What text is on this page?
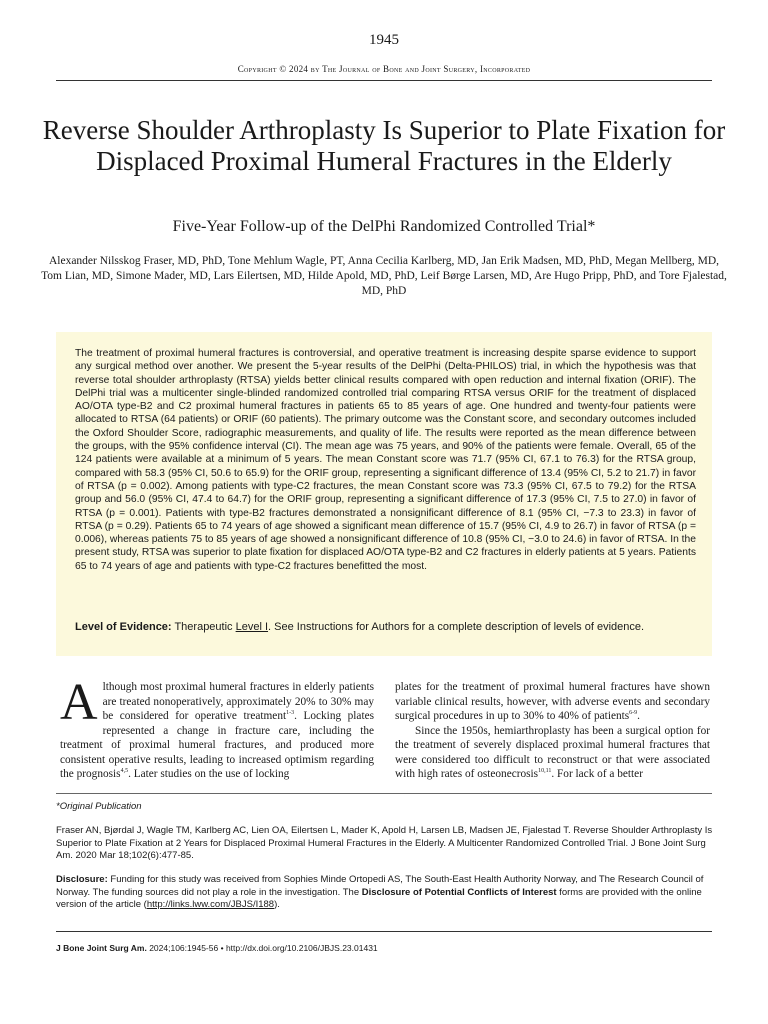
1945
Copyright © 2024 by The Journal of Bone and Joint Surgery, Incorporated
Reverse Shoulder Arthroplasty Is Superior to Plate Fixation for Displaced Proximal Humeral Fractures in the Elderly
Five-Year Follow-up of the DelPhi Randomized Controlled Trial*
Alexander Nilsskog Fraser, MD, PhD, Tone Mehlum Wagle, PT, Anna Cecilia Karlberg, MD, Jan Erik Madsen, MD, PhD, Megan Mellberg, MD, Tom Lian, MD, Simone Mader, MD, Lars Eilertsen, MD, Hilde Apold, MD, PhD, Leif Børge Larsen, MD, Are Hugo Pripp, PhD, and Tore Fjalestad, MD, PhD
The treatment of proximal humeral fractures is controversial, and operative treatment is increasing despite sparse evidence to support any surgical method over another. We present the 5-year results of the DelPhi (Delta-PHILOS) trial, in which the hypothesis was that reverse total shoulder arthroplasty (RTSA) yields better clinical results compared with open reduction and internal fixation (ORIF). The DelPhi trial was a multicenter single-blinded randomized controlled trial comparing RTSA versus ORIF for the treatment of displaced AO/OTA type-B2 and C2 proximal humeral fractures in patients 65 to 85 years of age. One hundred and twenty-four patients were allocated to RTSA (64 patients) or ORIF (60 patients). The primary outcome was the Constant score, and secondary outcomes included the Oxford Shoulder Score, radiographic measurements, and quality of life. The results were reported as the mean difference between the groups, with the 95% confidence interval (CI). The mean age was 75 years, and 90% of the patients were female. Overall, 65 of the 124 patients were available at a minimum of 5 years. The mean Constant score was 71.7 (95% CI, 67.1 to 76.3) for the RTSA group, compared with 58.3 (95% CI, 50.6 to 65.9) for the ORIF group, representing a significant difference of 13.4 (95% CI, 5.2 to 21.7) in favor of RTSA (p = 0.002). Among patients with type-C2 fractures, the mean Constant score was 73.3 (95% CI, 67.5 to 79.2) for the RTSA group and 56.0 (95% CI, 47.4 to 64.7) for the ORIF group, representing a significant difference of 17.3 (95% CI, 7.5 to 27.0) in favor of RTSA (p = 0.001). Patients with type-B2 fractures demonstrated a nonsignificant difference of 8.1 (95% CI, −7.3 to 23.3) in favor of RTSA (p = 0.29). Patients 65 to 74 years of age showed a significant mean difference of 15.7 (95% CI, 4.9 to 26.7) in favor of RTSA (p = 0.006), whereas patients 75 to 85 years of age showed a nonsignificant difference of 10.8 (95% CI, −3.0 to 24.6) in favor of RTSA. In the present study, RTSA was superior to plate fixation for displaced AO/OTA type-B2 and C2 fractures in elderly patients at 5 years. Patients 65 to 74 years of age and patients with type-C2 fractures benefitted the most.
Level of Evidence: Therapeutic Level I. See Instructions for Authors for a complete description of levels of evidence.
Although most proximal humeral fractures in elderly patients are treated nonoperatively, approximately 20% to 30% may be considered for operative treatment$^{1-3}$. Locking plates represented a change in fracture care, including the treatment of proximal humeral fractures, and produced more consistent operative results, leading to increased optimism regarding the prognosis$^{4,5}$. Later studies on the use of locking
plates for the treatment of proximal humeral fractures have shown variable clinical results, however, with adverse events and secondary surgical procedures in up to 30% to 40% of patients$^{6-9}$.
Since the 1950s, hemiarthroplasty has been a surgical option for the treatment of severely displaced proximal humeral fractures that were considered too difficult to reconstruct or that were associated with high rates of osteonecrosis$^{10,11}$. For lack of a better
*Original Publication
Fraser AN, Bjørdal J, Wagle TM, Karlberg AC, Lien OA, Eilertsen L, Mader K, Apold H, Larsen LB, Madsen JE, Fjalestad T. Reverse Shoulder Arthroplasty Is Superior to Plate Fixation at 2 Years for Displaced Proximal Humeral Fractures in the Elderly. A Multicenter Randomized Controlled Trial. J Bone Joint Surg Am. 2020 Mar 18;102(6):477-85.
Disclosure: Funding for this study was received from Sophies Minde Ortopedi AS, The South-East Health Authority Norway, and The Research Council of Norway. The funding sources did not play a role in the investigation. The Disclosure of Potential Conflicts of Interest forms are provided with the online version of the article (http://links.lww.com/JBJS/I188).
J Bone Joint Surg Am. 2024;106:1945-56 • http://dx.doi.org/10.2106/JBJS.23.01431
